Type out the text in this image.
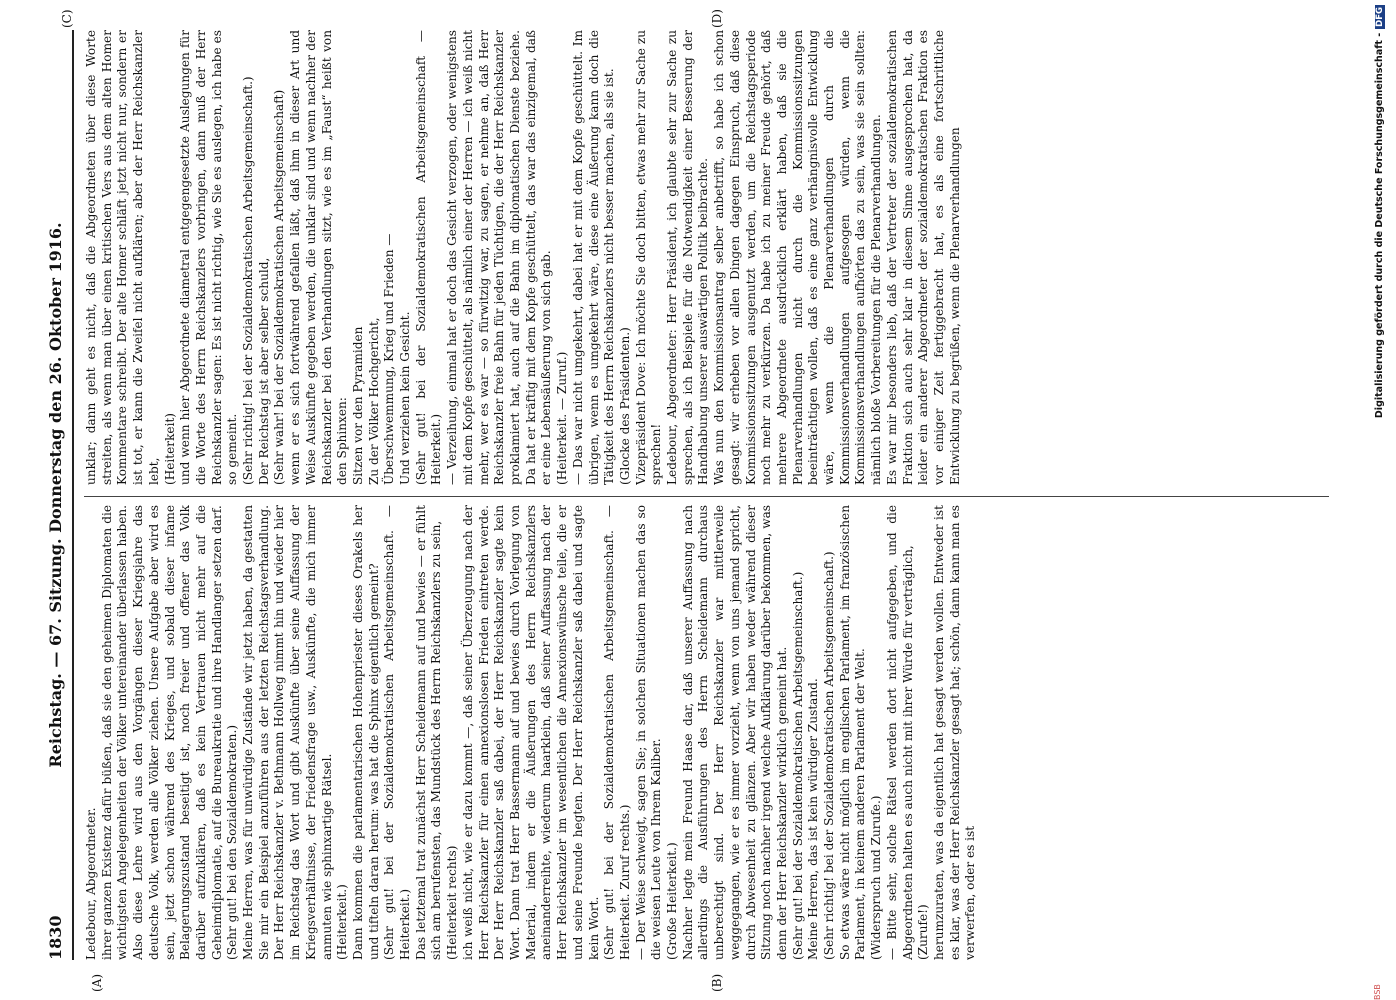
1830
Reichstag. — 67. Sitzung. Donnerstag den 26. Oktober 1916.
(A)	(B)
(C)	(D)
Ledebour, Abgeordneter.
ihrer ganzen Existenz dafür büßen, daß sie den geheimen Diplomaten die wichtigsten Angelegenheiten der Völker untereinander überlassen haben. Also diese Lehre wird aus den Vorgängen dieser Kriegsjahre das deutsche Volk, werden alle Völker ziehen. Unsere Aufgabe aber wird es sein, jetzt schon während des Krieges, und sobald dieser infame Belagerungszustand beseitigt ist, noch freier und offener das Volk darüber aufzuklären, daß es kein Vertrauen nicht mehr auf die Geheimdiplomatie, auf die Bureaukratie und ihre Handlanger setzen darf.
(Sehr gut! bei den Sozialdemokraten.)
Meine Herren, was für unwürdige Zustände wir jetzt haben, da gestatten Sie mir ein Beispiel anzuführen aus der letzten Reichstagsverhandlung. Der Herr Reichskanzler v. Bethmann Hollweg nimmt hin und wieder hier im Reichstag das Wort und gibt Auskünfte über seine Auffassung der Kriegsverhältnisse, der Friedensfrage usw., Auskünfte, die mich immer anmuten wie sphinxartige Rätsel.
(Heiterkeit.)
Dann kommen die parlamentarischen Hohenpriester dieses Orakels her und tifteln daran herum: was hat die Sphinx eigentlich gemeint?
(Sehr gut! bei der Sozialdemokratischen Arbeitsgemeinschaft. — Heiterkeit.)
Das letztemal trat zunächst Herr Scheidemann auf und bewies — er fühlt sich am berufensten, das Mundstück des Herrn Reichskanzlers zu sein,
(Heiterkeit rechts)
ich weiß nicht, wie er dazu kommt —, daß seiner Überzeugung nach der Herr Reichskanzler für einen annexionslosen Frieden eintreten werde. Der Herr Reichskanzler saß dabei, der Herr Reichskanzler sagte kein Wort. Dann trat Herr Bassermann auf und bewies durch Vorlegung von Material, indem er die Äußerungen des Herrn Reichskanzlers aneinanderreihte, wiederum haarklein, daß seiner Auffassung nach der Herr Reichskanzler im wesentlichen die Annexionswünsche teile, die er und seine Freunde hegten. Der Herr Reichskanzler saß dabei und sagte kein Wort.
(Sehr gut! bei der Sozialdemokratischen Arbeitsgemeinschaft. — Heiterkeit. Zuruf rechts.)
— Der Weise schweigt, sagen Sie; in solchen Situationen machen das so die weisen Leute von Ihrem Kaliber.
(Große Heiterkeit.)
Nachher legte mein Freund Haase dar, daß unserer Auffassung nach allerdings die Ausführungen des Herrn Scheidemann durchaus unberechtigt sind. Der Herr Reichskanzler war mittlerweile weggegangen, wie er es immer vorzieht, wenn von uns jemand spricht, durch Abwesenheit zu glänzen. Aber wir haben weder während dieser Sitzung noch nachher irgend welche Aufklärung darüber bekommen, was denn der Herr Reichskanzler wirklich gemeint hat.
(Sehr gut! bei der Sozialdemokratischen Arbeitsgemeinschaft.)
Meine Herren, das ist kein würdiger Zustand.
(Sehr richtig! bei der Sozialdemokratischen Arbeitsgemeinschaft.)
So etwas wäre nicht möglich im englischen Parlament, im französischen Parlament, in keinem anderen Parlament der Welt.
(Widerspruch und Zurufe.)
— Bitte sehr, solche Rätsel werden dort nicht aufgegeben, und die Abgeordneten halten es auch nicht mit ihrer Würde für verträglich,
(Zurufe!)
herumzuraten, was da eigentlich hat gesagt werden wollen. Entweder ist es klar, was der Herr Reichskanzler gesagt hat; schön, dann kann man es verwerfen, oder es ist
unklar; dann geht es nicht, daß die Abgeordneten über diese Worte streiten, als wenn man über einen kritischen Vers aus dem alten Homer Kommentare schreibt. Der alte Homer schläft jetzt nicht nur, sondern er ist tot, er kann die Zweifel nicht aufklären; aber der Herr Reichskanzler lebt,
(Heiterkeit)
und wenn hier Abgeordnete diametral entgegengesetzte Auslegungen für die Worte des Herrn Reichskanzlers vorbringen, dann muß der Herr Reichskanzler sagen: Es ist nicht richtig, wie Sie es auslegen, ich habe es so gemeint.
(Sehr richtig! bei der Sozialdemokratischen Arbeitsgemeinschaft.)
Der Reichstag ist aber selber schuld,
(Sehr wahr! bei der Sozialdemokratischen Arbeitsgemeinschaft)
wenn er es sich fortwährend gefallen läßt, daß ihm in dieser Art und Weise Auskünfte gegeben werden, die unklar sind und wenn nachher der Reichskanzler bei den Verhandlungen sitzt, wie es im „Faust“ heißt von den Sphinxen:
Sitzen vor den Pyramiden
Zu der Völker Hochgericht,
Überschwemmung, Krieg und Frieden —
Und verziehen kein Gesicht.
(Sehr gut! bei der Sozialdemokratischen Arbeitsgemeinschaft — Heiterkeit.)
— Verzeihung, einmal hat er doch das Gesicht verzogen, oder wenigstens mit dem Kopfe geschüttelt, als nämlich einer der Herren — ich weiß nicht mehr, wer es war — so fürwitzig war, zu sagen, er nehme an, daß Herr Reichskanzler freie Bahn für jeden Tüchtigen, die der Herr Reichskanzler proklamiert hat, auch auf die Bahn im diplomatischen Dienste beziehe. Da hat er kräftig mit dem Kopfe geschüttelt, das war das einzigemal, daß er eine Lebensäußerung von sich gab.
(Heiterkeit. — Zuruf.)
— Das war nicht umgekehrt, dabei hat er mit dem Kopfe geschüttelt. Im übrigen, wenn es umgekehrt wäre, diese eine Äußerung kann doch die Tätigkeit des Herrn Reichskanzlers nicht besser machen, als sie ist.
(Glocke des Präsidenten.)
Vizepräsident Dove: Ich möchte Sie doch bitten, etwas mehr zur Sache zu sprechen!
Ledebour, Abgeordneter: Herr Präsident, ich glaubte sehr zur Sache zu sprechen, als ich Beispiele für die Notwendigkeit einer Besserung der Handhabung unserer auswärtigen Politik beibrachte.
Was nun den Kommissionsantrag selber anbetrifft, so habe ich schon gesagt: wir erheben vor allen Dingen dagegen Einspruch, daß diese Kommissionssitzungen ausgenutzt werden, um die Reichstagsperiode noch mehr zu verkürzen. Da habe ich zu meiner Freude gehört, daß mehrere Abgeordnete ausdrücklich erklärt haben, daß sie die Plenarverhandlungen nicht durch die Kommissionssitzungen beeinträchtigen wollen, daß es eine ganz verhängnisvolle Entwicklung wäre, wenn die Plenarverhandlungen durch die Kommissionsverhandlungen aufgesogen würden, wenn die Kommissionsverhandlungen aufhörten das zu sein, was sie sein sollten: nämlich bloße Vorbereitungen für die Plenarverhandlungen.
Es war mir besonders lieb, daß der Vertreter der sozialdemokratischen Fraktion sich auch sehr klar in diesem Sinne ausgesprochen hat, da leider ein anderer Abgeordneter der sozialdemokratischen Fraktion es vor einiger Zeit fertiggebracht hat, es als eine fortschrittliche Entwicklung zu begrüßen, wenn die Plenarverhandlungen
BSB
Digitalisierung gefördert durch die Deutsche Forschungsgemeinschaft -DFG
